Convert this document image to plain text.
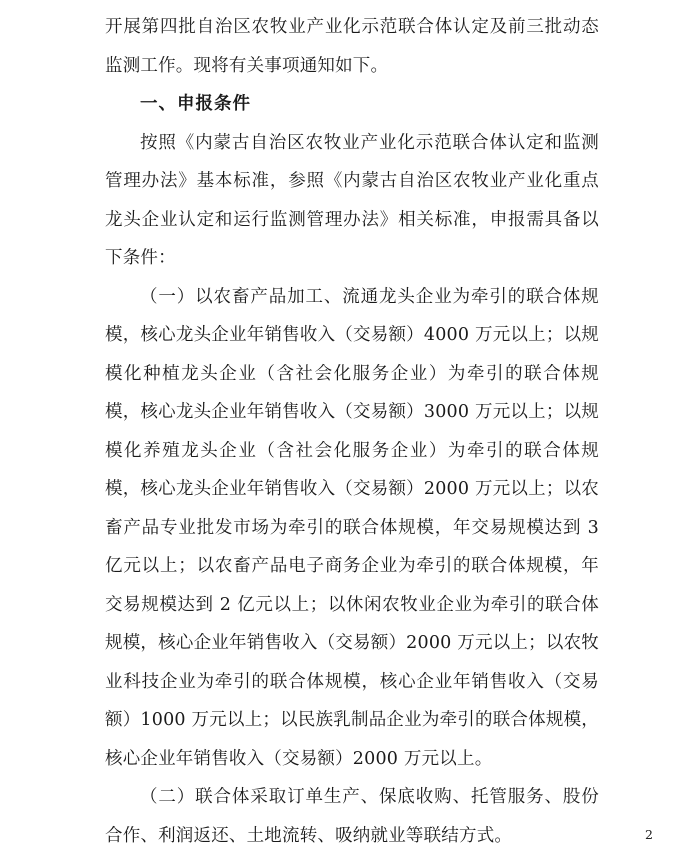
开展第四批自治区农牧业产业化示范联合体认定及前三批动态监测工作。现将有关事项通知如下。

一、申报条件

按照《内蒙古自治区农牧业产业化示范联合体认定和监测管理办法》基本标准，参照《内蒙古自治区农牧业产业化重点龙头企业认定和运行监测管理办法》相关标准，申报需具备以下条件：

（一）以农畜产品加工、流通龙头企业为牵引的联合体规模，核心龙头企业年销售收入（交易额）4000 万元以上；以规模化种植龙头企业（含社会化服务企业）为牵引的联合体规模，核心龙头企业年销售收入（交易额）3000 万元以上；以规模化养殖龙头企业（含社会化服务企业）为牵引的联合体规模，核心龙头企业年销售收入（交易额）2000 万元以上；以农畜产品专业批发市场为牵引的联合体规模，年交易规模达到 3 亿元以上；以农畜产品电子商务企业为牵引的联合体规模，年交易规模达到 2 亿元以上；以休闲农牧业企业为牵引的联合体规模，核心企业年销售收入（交易额）2000 万元以上；以农牧业科技企业为牵引的联合体规模，核心企业年销售收入（交易额）1000 万元以上；以民族乳制品企业为牵引的联合体规模，核心企业年销售收入（交易额）2000 万元以上。

（二）联合体采取订单生产、保底收购、托管服务、股份合作、利润返还、土地流转、吸纳就业等联结方式。	2
